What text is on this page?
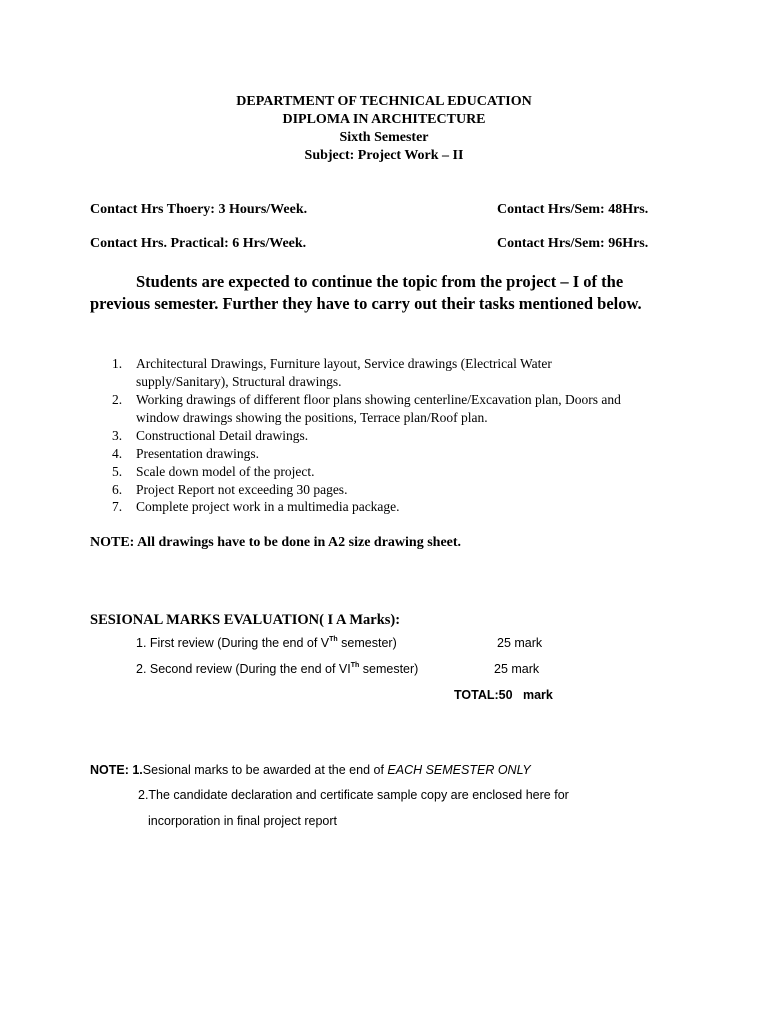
DEPARTMENT OF TECHNICAL EDUCATION
DIPLOMA IN ARCHITECTURE
Sixth Semester
Subject: Project Work – II
Contact Hrs Thoery: 3 Hours/Week.	Contact Hrs/Sem: 48Hrs.
Contact Hrs. Practical: 6 Hrs/Week.	Contact Hrs/Sem: 96Hrs.
Students are expected to continue the topic from the project – I of the
previous semester. Further they have to carry out their tasks mentioned below.
1. Architectural Drawings, Furniture layout, Service drawings (Electrical Water
supply/Sanitary), Structural drawings.
2. Working drawings of different floor plans showing centerline/Excavation plan, Doors and
window drawings showing the positions, Terrace plan/Roof plan.
3. Constructional Detail drawings.
4. Presentation drawings.
5. Scale down model of the project.
6. Project Report not exceeding 30 pages.
7. Complete project work in a multimedia package.
NOTE: All drawings have to be done in A2 size drawing sheet.
SESIONAL MARKS EVALUATION( I A Marks):
1. First review (During the end of VTh semester)	25 mark
2. Second review (During the end of VITh semester)	25 mark
TOTAL:50   mark
NOTE: 1.Sesional marks to be awarded at the end of EACH SEMESTER ONLY
2.The candidate declaration and certificate sample copy are enclosed here for
incorporation in final project report
